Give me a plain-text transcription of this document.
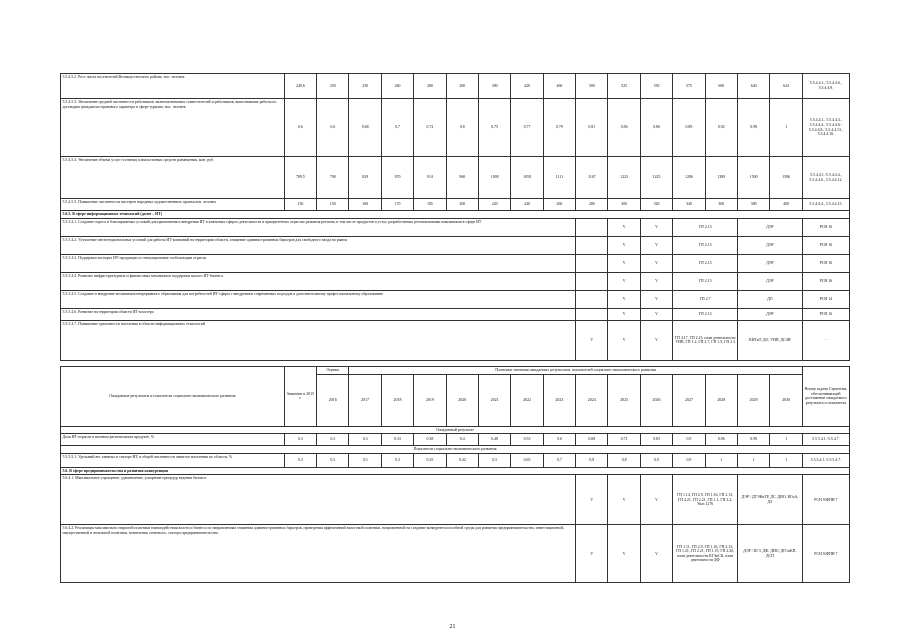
5.5.4.5.2. Рост числа посетителей Великоустюгского района, тыс. человек	249,6	250	250	260	280	300	390	420	460	500	525	550	575	600	640	624	5.5.4.4.1., 5.5.4.4.6., 5.5.4.4.9.
5.5.4.5.3. Увеличение средней численности работников, включая внешних совместителей и работников, выполнявших работы по договорам гражданско-правового характера в сфере туризма, тыс. человек	0,6	0,6	0,68	0,7	0,72	0,8	0,75	0,77	0,79	0,81	0,84	0,86	0,89	0,92	0,98	1	5.5.4.4.1., 5.5.4.4.3., 5.5.4.4.4., 5.5.4.4.6.- 5.5.4.4.8., 5.5.4.4.13., 5.5.4.4.16.
5.5.4.5.4. Увеличение объема услуг гостиниц и аналогичных средств размещения, млн. руб.	789,5	790	829	870	914	960	1008	1058	1111	1167	1225	1225	1286	1389	1500	1586	5.5.4.4.1.-5.5.4.4.4., 5.5.4.4.6., 5.5.4.4.12.
5.5.4.5.5. Повышение численности мастеров народных художественных промыслов, человек	150	150	160	170	185	200	220	240	260	280	300	320	340	360	380	400	5.5.4.4.4., 5.5.4.4.15.
5.6.5. В сфере информационных технологий (далее – ИТ)																	
5.5.5.4.1. Создание спроса и благоприятных условий для применения и внедрения ИТ в ключевых сферах деятельности и приоритетных отраслях развития региона, в том числе продуктов и услуг, разработанных региональными компаниями в сфере ИТ											V	V	ГП 2.13		ДЭР		РСН 16
5.5.5.4.2. Улучшение институциональных условий для работы ИТ-компаний на территории области, снижение административных барьеров для свободного входа на рынок											V	V	ГП 2.13		ДЭР		РСН 16
5.5.5.4.3. Поддержка экспорта ИТ-продукции и стимулирование глобализации отрасли											V	V	ГП 2.13		ДЭР		РСН 16
5.5.5.4.4. Развитие инфраструктурных и финансовых механизмов поддержки малого ИТ-бизнеса											V	V	ГП 2.13		ДЭР		РСН 16
5.5.5.4.5. Создание и внедрение механизмов непрерывного образования для потребностей ИТ-сферы с внедрением современных подходов к дополнительному профессиональному образованию											V	V	ГП 2.7		ДО		РСН 14
5.5.5.4.6. Развитие на территории области ИТ-кластера											V	V	ГП 2.13		ДЭР		РСН 16
5.5.5.4.7. Повышение грамотности населения в области информационных технологий										V	V	V	ГП 4.17, ГП 2.23, план деятельности УИП, ГП 1.2, ГП 2.7, ГП 1.5, ГП 2.3		КИТиТ, ДО, УИП, ДСЗН		-
Ожидаемые результаты и показатели социально-экономического развития	Значение в 2015 г.	Оценка	Плановые значения ожидаемых результатов, показателей социально-экономического развития														Номер задачи Стратегии, обеспечивающей достижение ожидаемого результата и показателя
		2016	2017	2018	2019	2020	2021	2022	2023	2024	2025	2026	2027	2028	2029	2030	
Ожидаемый результат																	
Доля ИТ-отрасли в валовом региональном продукте, %	0,3	0,3	0,3	0,33	0,38	0,4	0,48	0,53	0,6	0,68	0,71	0,83	0,9	0,96	0,98	1	5.5.5.4.1.-5.5.4.7.
Показатели социально-экономического развития																	
5.5.5.5.1. Удельный вес занятых в секторе ИТ, в общей численности занятого населения по области, %	0,3	0,3	0,3	0,3	0,35	0,42	0,5	0,65	0,7	0,8	0,8	0,9	0,9	1	1	1	5.5.5.4.1.-5.5.5.4.7.
5.6. В сфере предпринимательства и развития конкуренции																	
5.6.4.1. Максимальное упрощение, удешевление, ускорение процедур ведения бизнеса										V	V	V	ГП 1.14, ГП 2.9, ГП 1.16, ГП 2.13, ГП 4.21, ГП 2.21, ГП 1.1, ГП 2.2, Указ 1276		ДЭР / ДТЭКиТР, ДС, ДИО, КГиА, ДЗ		РСН 9/ФПН 7
5.6.4.2. Реализация максимально открытой политики взаимодействия власти и бизнеса по направлениям снижения административных барьеров, проведения эффективной налоговой политики, направленной на создание конкурентоспособной среды для развития предпринимательства, инвестиционной, имущественной и земельной политики, вовлечения «теневого» сектора предпринимательства.										V	V	V	ГП 1.11, ГП 2.9, ГП 1.16, ГП 2.13, ГП 1.21, ГП 2.21, ГП 1.19, ГП 2.20, план деятельности КГЗиСК, план деятельности ДФ		ДЭР / КГЗ, ДФ, ДИО, ДГСиКП, ДСП		РСН 9/ФПН 7
21
